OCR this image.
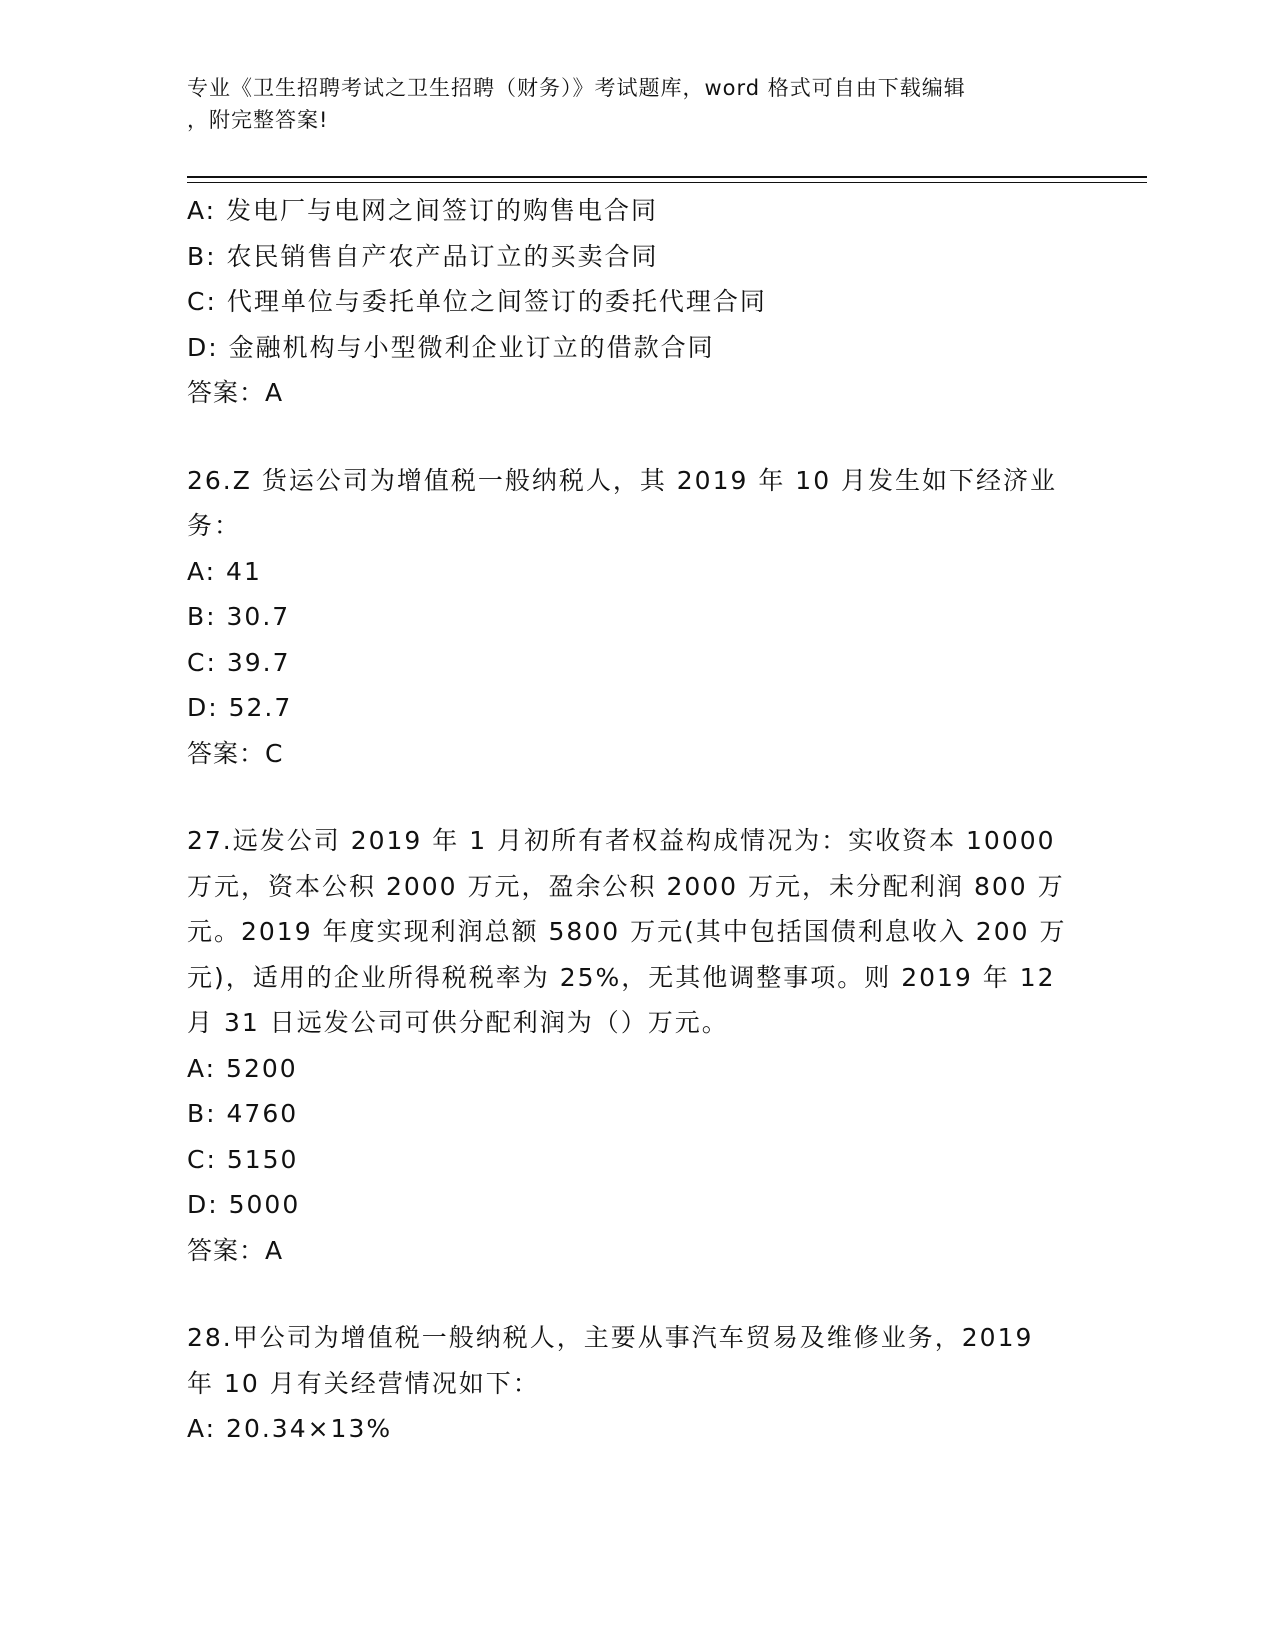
专业《卫生招聘考试之卫生招聘（财务）》考试题库，word 格式可自由下载编辑
，附完整答案!
A: 发电厂与电网之间签订的购售电合同
B: 农民销售自产农产品订立的买卖合同
C: 代理单位与委托单位之间签订的委托代理合同
D: 金融机构与小型微利企业订立的借款合同
答案：A
26.Z 货运公司为增值税一般纳税人，其 2019 年 10 月发生如下经济业
务：
A: 41
B: 30.7
C: 39.7
D: 52.7
答案：C
27.远发公司 2019 年 1 月初所有者权益构成情况为：实收资本 10000
万元，资本公积 2000 万元，盈余公积 2000 万元，未分配利润 800 万
元。2019 年度实现利润总额 5800 万元(其中包括国债利息收入 200 万
元)，适用的企业所得税税率为 25%，无其他调整事项。则 2019 年 12
月 31 日远发公司可供分配利润为（）万元。
A: 5200
B: 4760
C: 5150
D: 5000
答案：A
28.甲公司为增值税一般纳税人，主要从事汽车贸易及维修业务，2019
年 10 月有关经营情况如下：
A: 20.34×13%
